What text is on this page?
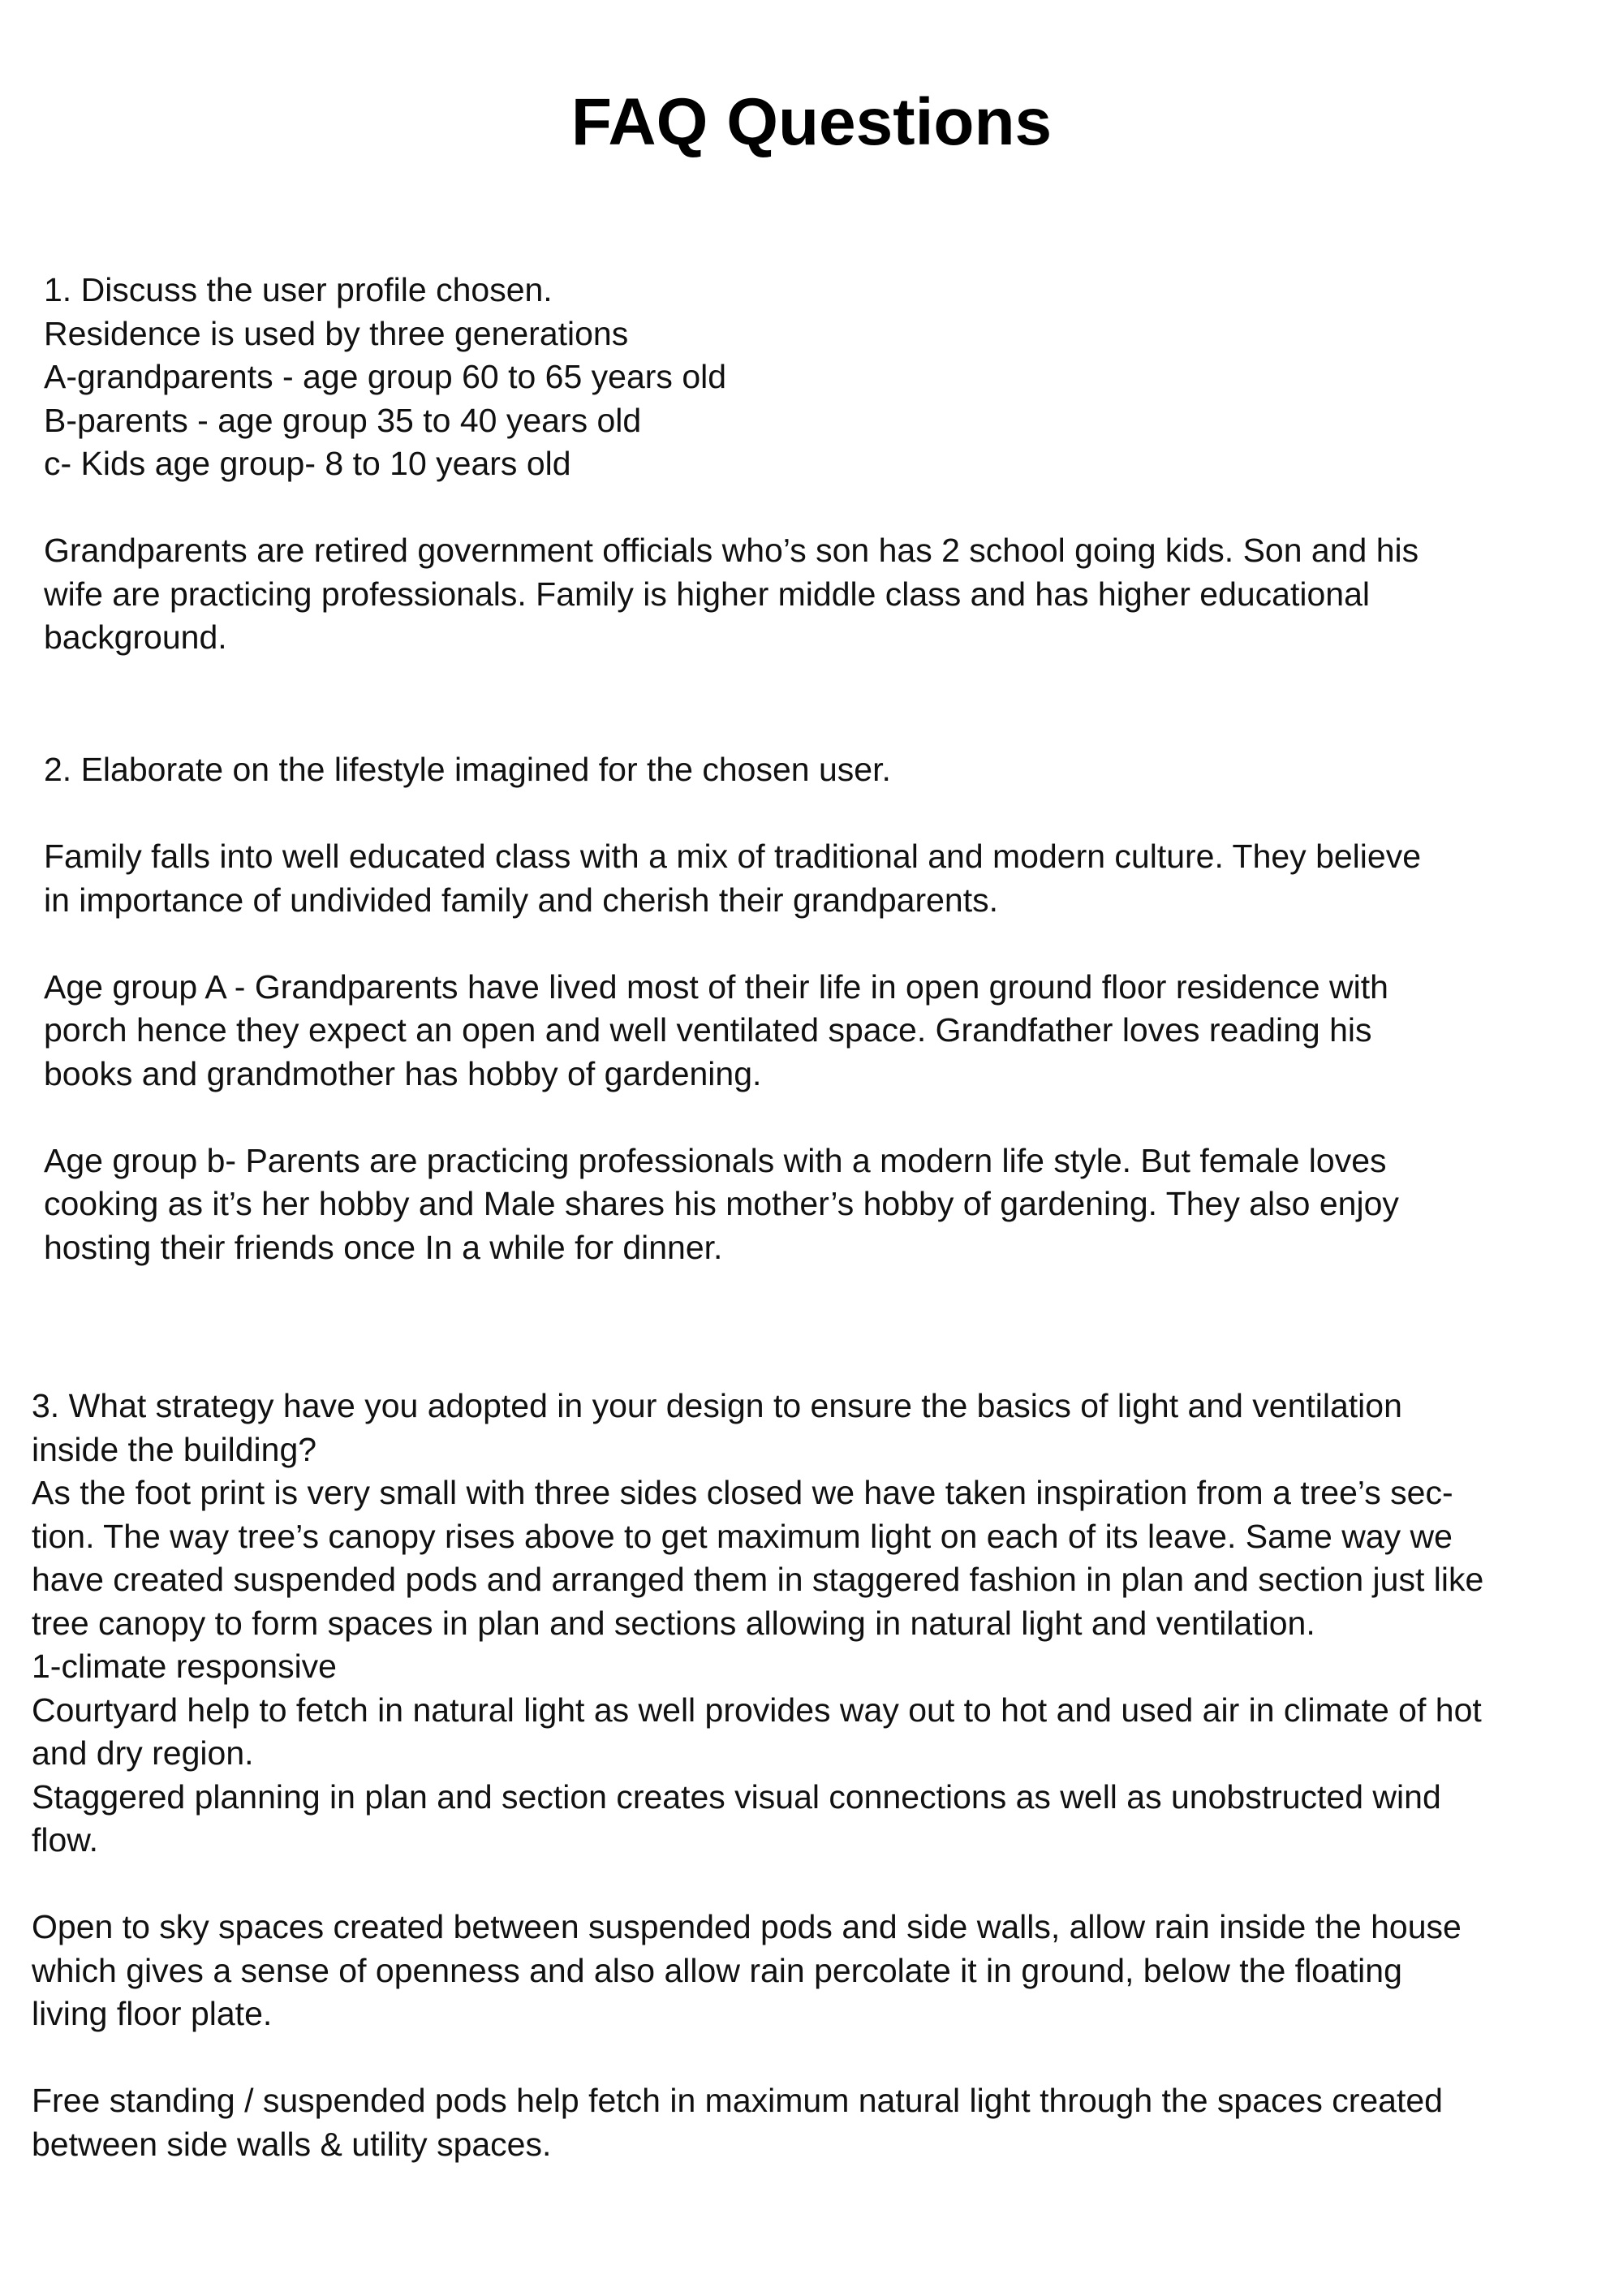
FAQ Questions
1. Discuss the user profile chosen.
Residence is used by three generations
A-grandparents - age group 60 to 65 years old
B-parents - age group 35 to 40 years old
c- Kids age group- 8 to 10 years old
Grandparents are retired government officials who’s son has 2 school going kids. Son and his
wife are practicing professionals. Family is higher middle class and has higher educational
background.
2. Elaborate on the lifestyle imagined for the chosen user.
Family falls into well educated class with a mix of traditional and modern culture. They believe
in importance of undivided family and cherish their grandparents.
Age group A - Grandparents have lived most of their life in open ground floor residence with
porch hence they expect an open and well ventilated space. Grandfather loves reading his
books and grandmother has hobby of gardening.
Age group b- Parents are practicing professionals with a modern life style. But female loves
cooking as it’s her hobby and Male shares his mother’s hobby of gardening. They also enjoy
hosting their friends once In a while for dinner.
3. What strategy have you adopted in your design to ensure the basics of light and ventilation
inside the building?
As the foot print is very small with three sides closed we have taken inspiration from a tree’s sec-
tion. The way tree’s canopy rises above to get maximum light on each of its leave. Same way we
have created suspended pods and arranged them in staggered fashion in plan and section just like
tree canopy to form spaces in plan and sections allowing in natural light and ventilation.
1-climate responsive
Courtyard help to fetch in natural light as well provides way out to hot and used air in climate of hot
and dry region.
Staggered planning in plan and section creates visual connections as well as unobstructed wind
flow.
Open to sky spaces created between suspended pods and side walls, allow rain inside the house
which gives a sense of openness and also allow rain percolate it in ground, below the floating
living floor plate.
Free standing / suspended pods help fetch in maximum natural light through the spaces created
between side walls & utility spaces.
